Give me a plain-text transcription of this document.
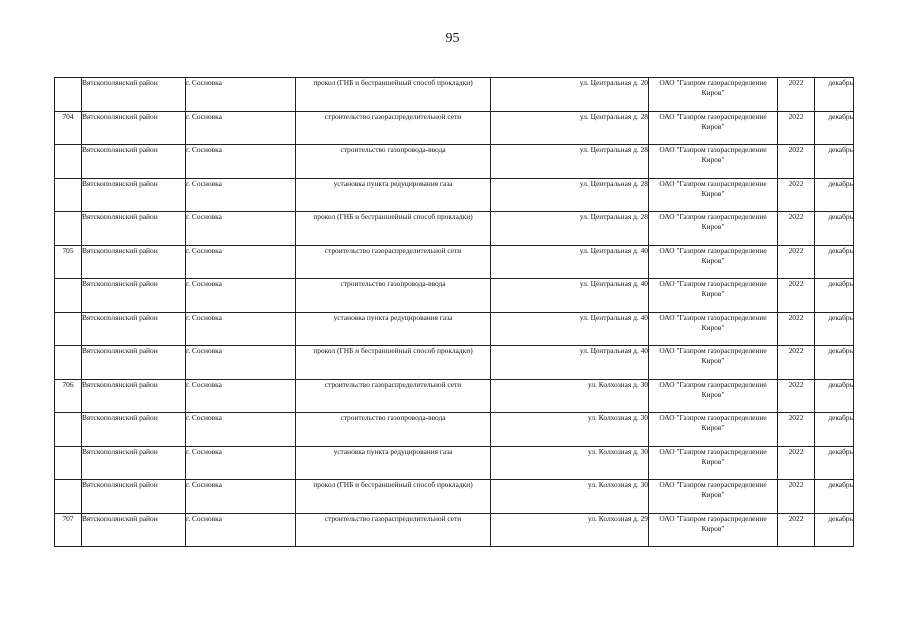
95
	Вятскополянский район	г. Сосновка	прокол (ГНБ и бестраншейный способ прокладки)	ул. Центральная д. 20	ОАО "Газпром газораспределение Киров"	2022	декабрь
704	Вятскополянский район	г. Сосновка	строительство газораспределительной сети	ул. Центральная д. 28	ОАО "Газпром газораспределение Киров"	2022	декабрь
	Вятскополянский район	г. Сосновка	строительство газопровода-ввода	ул. Центральная д. 28	ОАО "Газпром газораспределение Киров"	2022	декабрь
	Вятскополянский район	г. Сосновка	установка пункта редуцирования газа	ул. Центральная д. 28	ОАО "Газпром газораспределение Киров"	2022	декабрь
	Вятскополянский район	г. Сосновка	прокол (ГНБ и бестраншейный способ прокладки)	ул. Центральная д. 28	ОАО "Газпром газораспределение Киров"	2022	декабрь
705	Вятскополянский район	г. Сосновка	строительство газораспределительной сети	ул. Центральная д. 40	ОАО "Газпром газораспределение Киров"	2022	декабрь
	Вятскополянский район	г. Сосновка	строительство газопровода-ввода	ул. Центральная д. 40	ОАО "Газпром газораспределение Киров"	2022	декабрь
	Вятскополянский район	г. Сосновка	установка пункта редуцирования газа	ул. Центральная д. 40	ОАО "Газпром газораспределение Киров"	2022	декабрь
	Вятскополянский район	г. Сосновка	прокол (ГНБ и бестраншейный способ прокладки)	ул. Центральная д. 40	ОАО "Газпром газораспределение Киров"	2022	декабрь
706	Вятскополянский район	г. Сосновка	строительство газораспределительной сети	ул. Колхозная д. 30	ОАО "Газпром газораспределение Киров"	2022	декабрь
	Вятскополянский район	г. Сосновка	строительство газопровода-ввода	ул. Колхозная д. 30	ОАО "Газпром газораспределение Киров"	2022	декабрь
	Вятскополянский район	г. Сосновка	установка пункта редуцирования газа	ул. Колхозная д. 30	ОАО "Газпром газораспределение Киров"	2022	декабрь
	Вятскополянский район	г. Сосновка	прокол (ГНБ и бестраншейный способ прокладки)	ул. Колхозная д. 30	ОАО "Газпром газораспределение Киров"	2022	декабрь
707	Вятскополянский район	г. Сосновка	строительство газораспределительной сети	ул. Колхозная д. 29	ОАО "Газпром газораспределение Киров"	2022	декабрь
